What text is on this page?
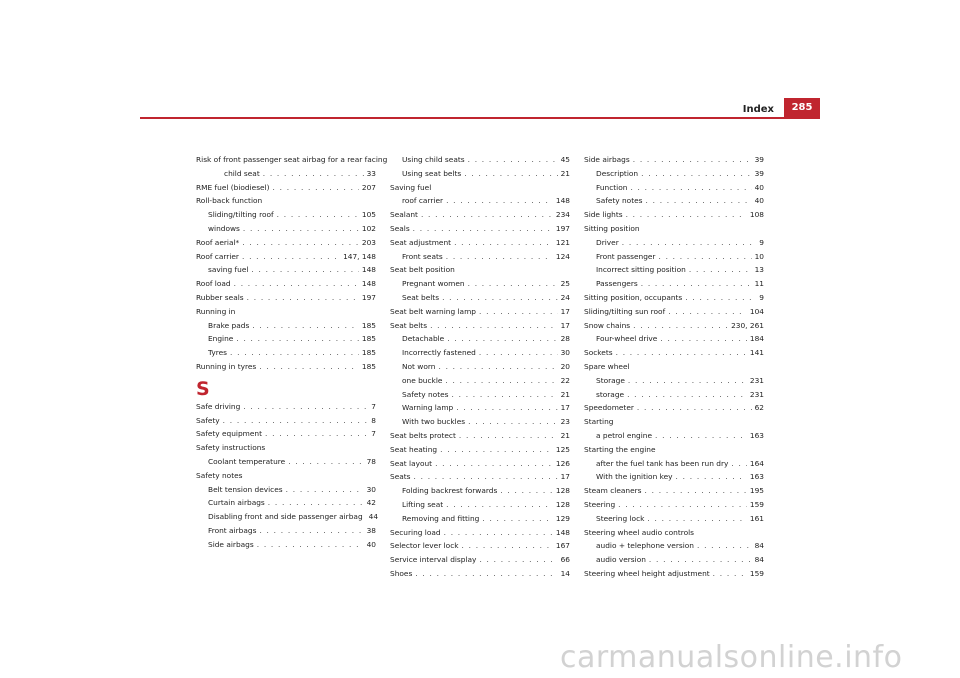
Index	285
Risk of front passenger seat airbag for a rear facing
child seat . . .	33
RME fuel (biodiesel) . . .	207
Roll-back function
Sliding/tilting roof . . .	105
windows . . .	102
Roof aerial* . . .	203
Roof carrier . . .	147, 148
saving fuel . . .	148
Roof load . . .	148
Rubber seals . . .	197
Running in
Brake pads . . .	185
Engine . . .	185
Tyres . . .	185
Running in tyres . . .	185
S
Safe driving . . .	7
Safety . . .	8
Safety equipment . . .	7
Safety instructions
Coolant temperature . . .	78
Safety notes
Belt tension devices . . .	30
Curtain airbags . . .	42
Disabling front and side passenger airbag 44
Front airbags . . .	38
Side airbags . . .	40
Using child seats . . .	45
Using seat belts . . .	21
Saving fuel
roof carrier . . .	148
Sealant . . .	234
Seals . . .	197
Seat adjustment . . .	121
Front seats . . .	124
Seat belt position
Pregnant women . . .	25
Seat belts . . .	24
Seat belt warning lamp . . .	17
Seat belts . . .	17
Detachable . . .	28
Incorrectly fastened . . .	30
Not worn . . .	20
one buckle . . .	22
Safety notes . . .	21
Warning lamp . . .	17
With two buckles . . .	23
Seat belts protect . . .	21
Seat heating . . .	125
Seat layout . . .	126
Seats . . .	17
Folding backrest forwards . . .	128
Lifting seat . . .	128
Removing and fitting . . .	129
Securing load . . .	148
Selector lever lock . . .	167
Service interval display . . .	66
Shoes . . .	14
Side airbags . . .	39
Description . . .	39
Function . . .	40
Safety notes . . .	40
Side lights . . .	108
Sitting position
Driver . . .	9
Front passenger . . .	10
Incorrect sitting position . . .	13
Passengers . . .	11
Sitting position, occupants . . .	9
Sliding/tilting sun roof . . .	104
Snow chains . . .	230, 261
Four-wheel drive . . .	184
Sockets . . .	141
Spare wheel
Storage . . .	231
storage . . .	231
Speedometer . . .	62
Starting
a petrol engine . . .	163
Starting the engine
after the fuel tank has been run dry . . .	164
With the ignition key . . .	163
Steam cleaners . . .	195
Steering . . .	159
Steering lock . . .	161
Steering wheel audio controls
audio + telephone version . . .	84
audio version . . .	84
Steering wheel height adjustment . . .	159
carmanualsonline.info
